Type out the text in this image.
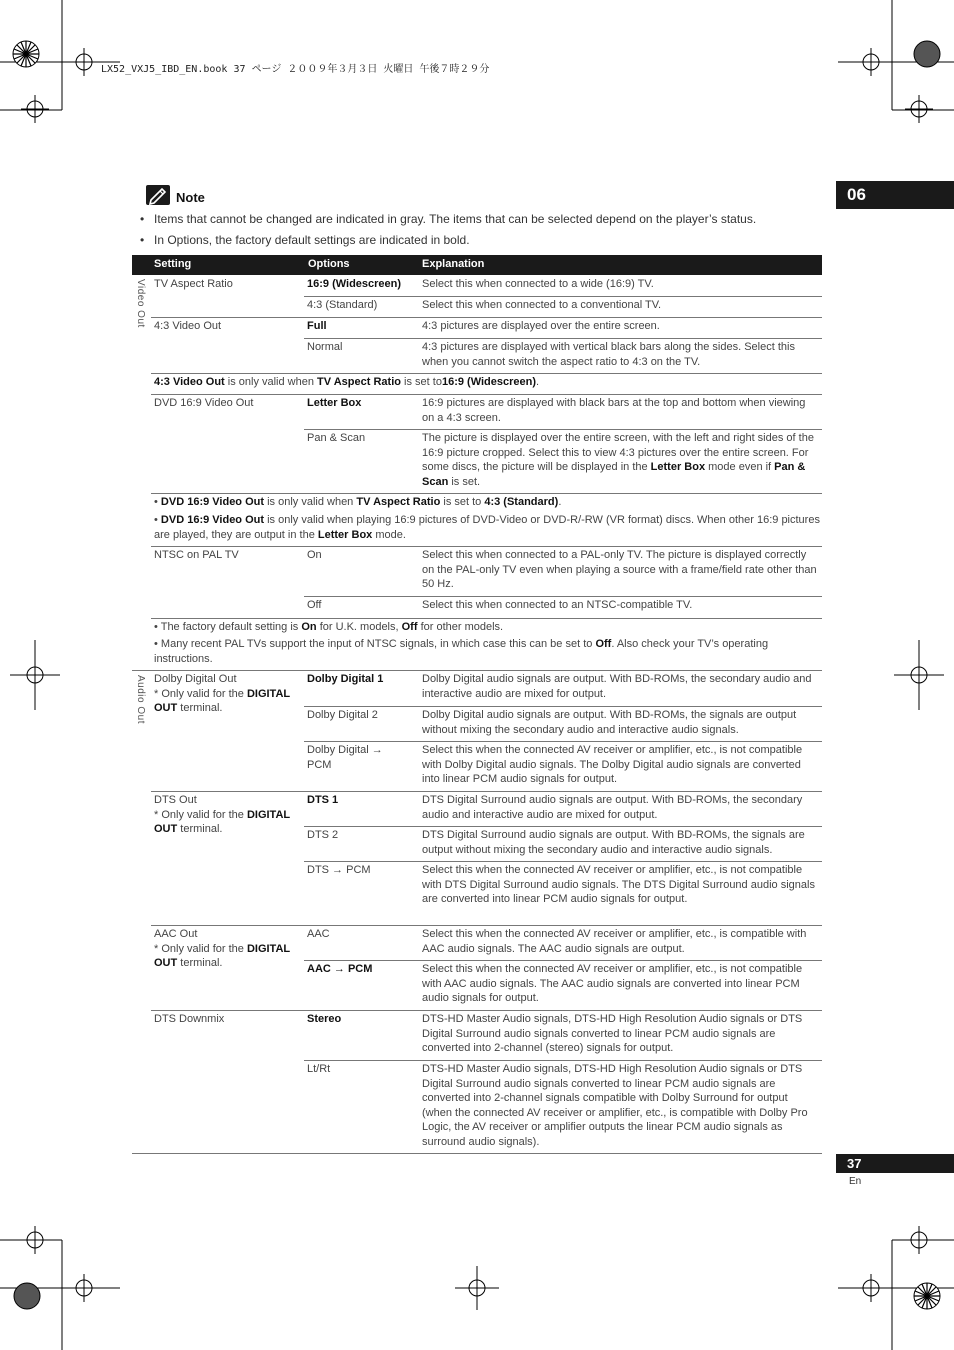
LX52_VXJ5_IBD_EN.book 37 ページ ２００９年３月３日 火曜日 午後７時２９分
06
Note
• Items that cannot be changed are indicated in gray. The items that can be selected depend on the player’s status.
• In Options, the factory default settings are indicated in bold.
Setting	Options	Explanation
Video Out
Audio Out
TV Aspect Ratio
4:3 Video Out
DVD 16:9 Video Out
NTSC on PAL TV
Dolby Digital Out
* Only valid for the DIGITAL OUT terminal.
DTS Out
* Only valid for the DIGITAL OUT terminal.
AAC Out
* Only valid for the DIGITAL OUT terminal.
DTS Downmix
16:9 (Widescreen)
4:3 (Standard)
Full
Normal
Letter Box
Pan & Scan
On
Off
Dolby Digital 1
Dolby Digital 2
Dolby Digital → PCM
DTS 1
DTS 2
DTS → PCM
AAC
AAC → PCM
Stereo
Lt/Rt
Select this when connected to a wide (16:9) TV.
Select this when connected to a conventional TV.
4:3 pictures are displayed over the entire screen.
4:3 pictures are displayed with vertical black bars along the sides. Select this when you cannot switch the aspect ratio to 4:3 on the TV.
16:9 pictures are displayed with black bars at the top and bottom when viewing on a 4:3 screen.
The picture is displayed over the entire screen, with the left and right sides of the 16:9 picture cropped. Select this to view 4:3 pictures over the entire screen. For some discs, the picture will be displayed in the Letter Box mode even if Pan & Scan is set.
Select this when connected to a PAL-only TV. The picture is displayed correctly on the PAL-only TV even when playing a source with a frame/field rate other than 50 Hz.
Select this when connected to an NTSC-compatible TV.
Dolby Digital audio signals are output. With BD-ROMs, the secondary audio and interactive audio are mixed for output.
Dolby Digital audio signals are output. With BD-ROMs, the signals are output without mixing the secondary audio and interactive audio signals.
Select this when the connected AV receiver or amplifier, etc., is not compatible with Dolby Digital audio signals. The Dolby Digital audio signals are converted into linear PCM audio signals for output.
DTS Digital Surround audio signals are output. With BD-ROMs, the secondary audio and interactive audio are mixed for output.
DTS Digital Surround audio signals are output. With BD-ROMs, the signals are output without mixing the secondary audio and interactive audio signals.
Select this when the connected AV receiver or amplifier, etc., is not compatible with DTS Digital Surround audio signals. The DTS Digital Surround audio signals are converted into linear PCM audio signals for output.
Select this when the connected AV receiver or amplifier, etc., is compatible with AAC audio signals. The AAC audio signals are output.
Select this when the connected AV receiver or amplifier, etc., is not compatible with AAC audio signals. The AAC audio signals are converted into linear PCM audio signals for output.
DTS-HD Master Audio signals, DTS-HD High Resolution Audio signals or DTS Digital Surround audio signals converted to linear PCM audio signals are converted into 2-channel (stereo) signals for output.
DTS-HD Master Audio signals, DTS-HD High Resolution Audio signals or DTS Digital Surround audio signals converted to linear PCM audio signals are converted into 2-channel signals compatible with Dolby Surround for output (when the connected AV receiver or amplifier, etc., is compatible with Dolby Pro Logic, the AV receiver or amplifier outputs the linear PCM audio signals as surround audio signals).
4:3 Video Out is only valid when TV Aspect Ratio is set to16:9 (Widescreen).
• DVD 16:9 Video Out is only valid when TV Aspect Ratio is set to 4:3 (Standard).
• DVD 16:9 Video Out is only valid when playing 16:9 pictures of DVD-Video or DVD-R/-RW (VR format) discs. When other 16:9 pictures are played, they are output in the Letter Box mode.
• The factory default setting is On for U.K. models, Off for other models.
• Many recent PAL TVs support the input of NTSC signals, in which case this can be set to Off. Also check your TV’s operating instructions.
37
En
